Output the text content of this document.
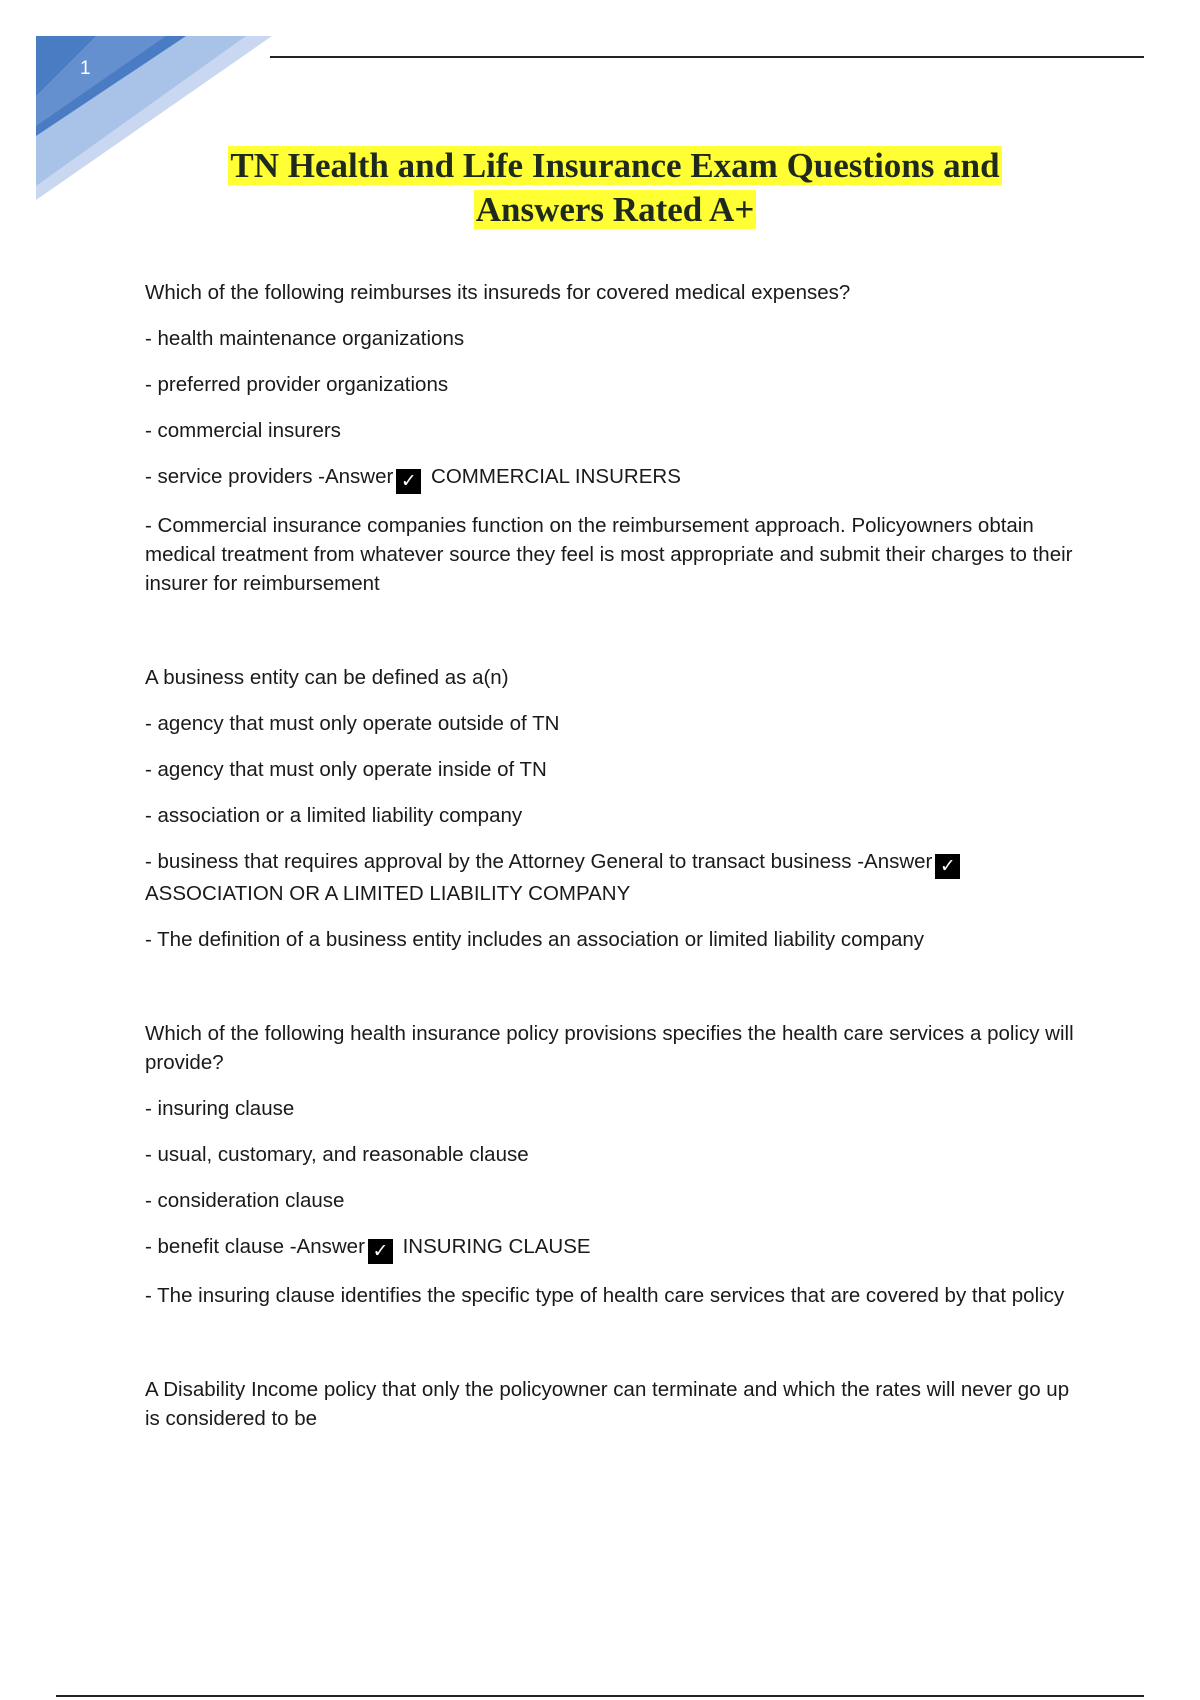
1
TN Health and Life Insurance Exam Questions and
Answers Rated A+

Which of the following reimburses its insureds for covered medical expenses?

- health maintenance organizations

- preferred provider organizations

- commercial insurers

- service providers -Answer ✓ COMMERCIAL INSURERS

- Commercial insurance companies function on the reimbursement approach. Policyowners obtain medical treatment from whatever source they feel is most appropriate and submit their charges to their insurer for reimbursement

A business entity can be defined as a(n)

- agency that must only operate outside of TN

- agency that must only operate inside of TN

- association or a limited liability company

- business that requires approval by the Attorney General to transact business -Answer ✓ ASSOCIATION OR A LIMITED LIABILITY COMPANY

- The definition of a business entity includes an association or limited liability company

Which of the following health insurance policy provisions specifies the health care services a policy will provide?

- insuring clause

- usual, customary, and reasonable clause

- consideration clause

- benefit clause -Answer ✓ INSURING CLAUSE

- The insuring clause identifies the specific type of health care services that are covered by that policy

A Disability Income policy that only the policyowner can terminate and which the rates will never go up is considered to be
